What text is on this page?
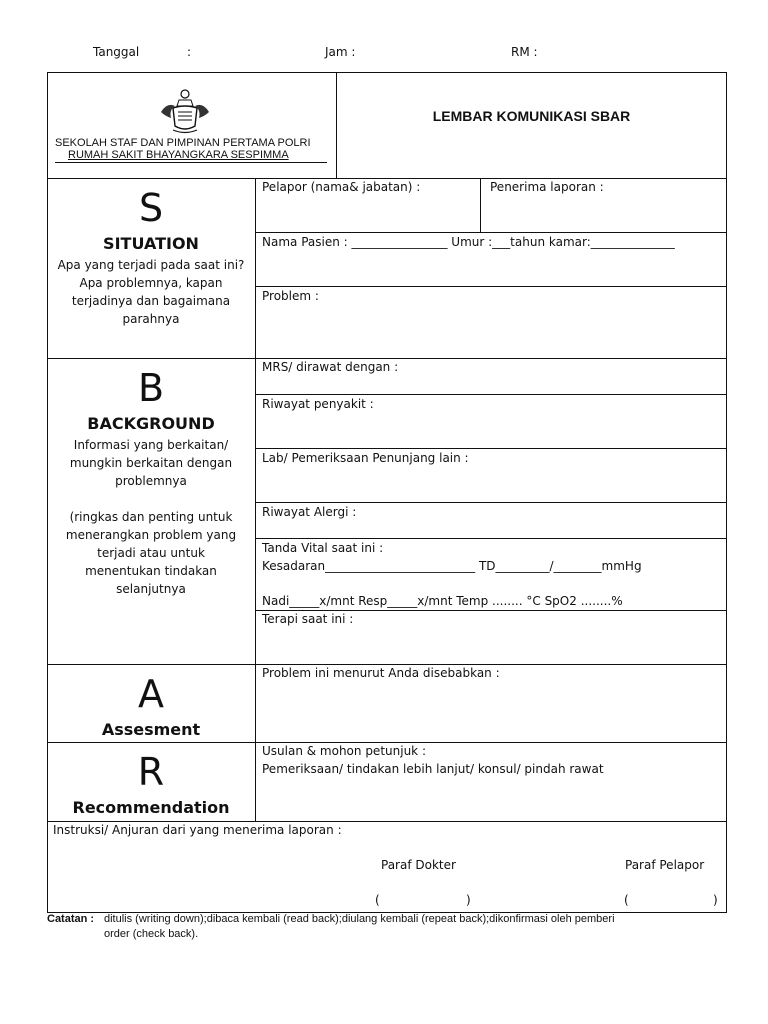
Tanggal	:	Jam :	RM :
SEKOLAH STAF DAN PIMPINAN PERTAMA POLRI
RUMAH SAKIT BHAYANGKARA SESPIMMA
LEMBAR KOMUNIKASI SBAR
S
SITUATION
Apa yang terjadi pada saat ini?
Apa problemnya, kapan
terjadinya dan bagaimana
parahnya
Pelapor (nama& jabatan) :	Penerima laporan :
Nama Pasien : ________________ Umur :___tahun kamar:______________
Problem :
B
BACKGROUND
Informasi yang berkaitan/
mungkin berkaitan dengan
problemnya
(ringkas dan penting untuk
menerangkan problem yang
terjadi atau untuk
menentukan tindakan
selanjutnya
MRS/ dirawat dengan :
Riwayat penyakit :
Lab/ Pemeriksaan Penunjang lain :
Riwayat Alergi :
Tanda Vital saat ini :
Kesadaran_________________________ TD_________/________mmHg
Nadi_____x/mnt Resp_____x/mnt Temp ........ °C SpO2 ........%
Terapi saat ini :
A
Assesment
Problem ini menurut Anda disebabkan :
R
Recommendation
Usulan & mohon petunjuk :
Pemeriksaan/ tindakan lebih lanjut/ konsul/ pindah rawat
Instruksi/ Anjuran dari yang menerima laporan :
Paraf Dokter	Paraf Pelapor
(	)	(	)
Catatan : ditulis (writing down);dibaca kembali (read back);diulang kembali (repeat back);dikonfirmasi oleh pemberi
order (check back).
